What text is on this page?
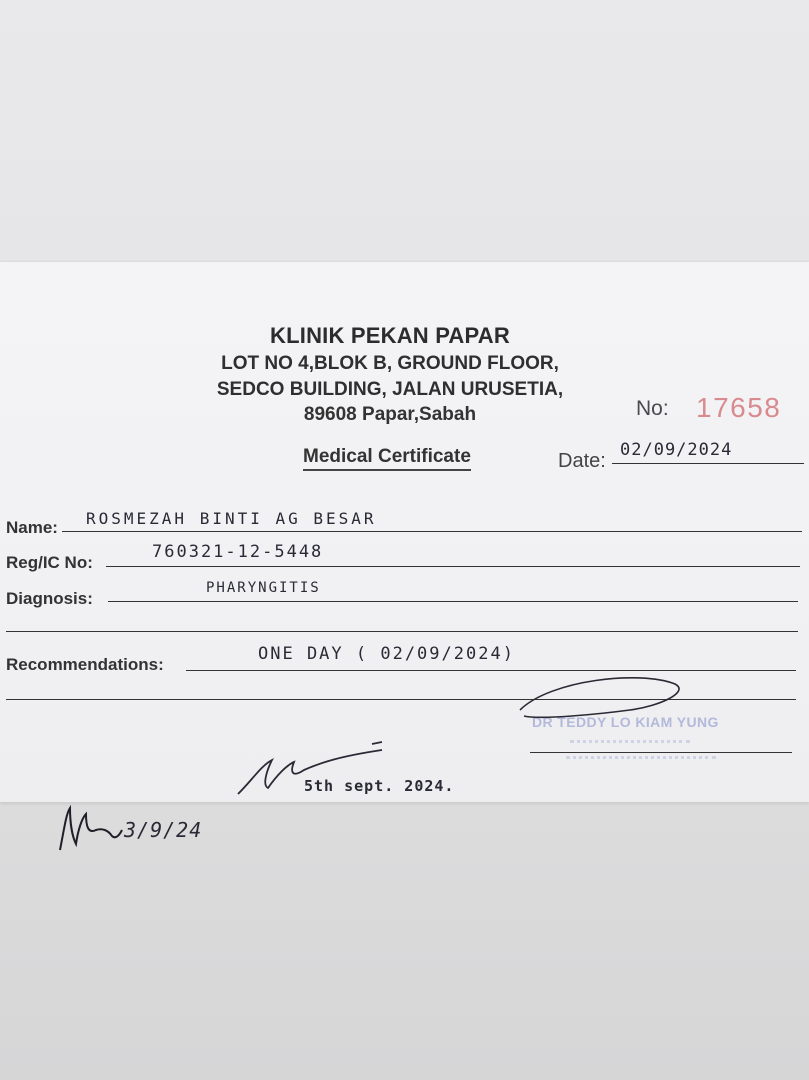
KLINIK PEKAN PAPAR
LOT NO 4,BLOK B, GROUND FLOOR,
SEDCO BUILDING, JALAN URUSETIA,
89608 Papar,Sabah	No: 17658
Medical Certificate	Date: 02/09/2024
Name: ROSMEZAH BINTI AG BESAR
Reg/IC No:
760321-12-5448
Diagnosis:
PHARYNGITIS
Recommendations:
ONE DAY ( 02/09/2024)
DR TEDDY LO KIAM YUNG
5th sept. 2024.
3/9/24
